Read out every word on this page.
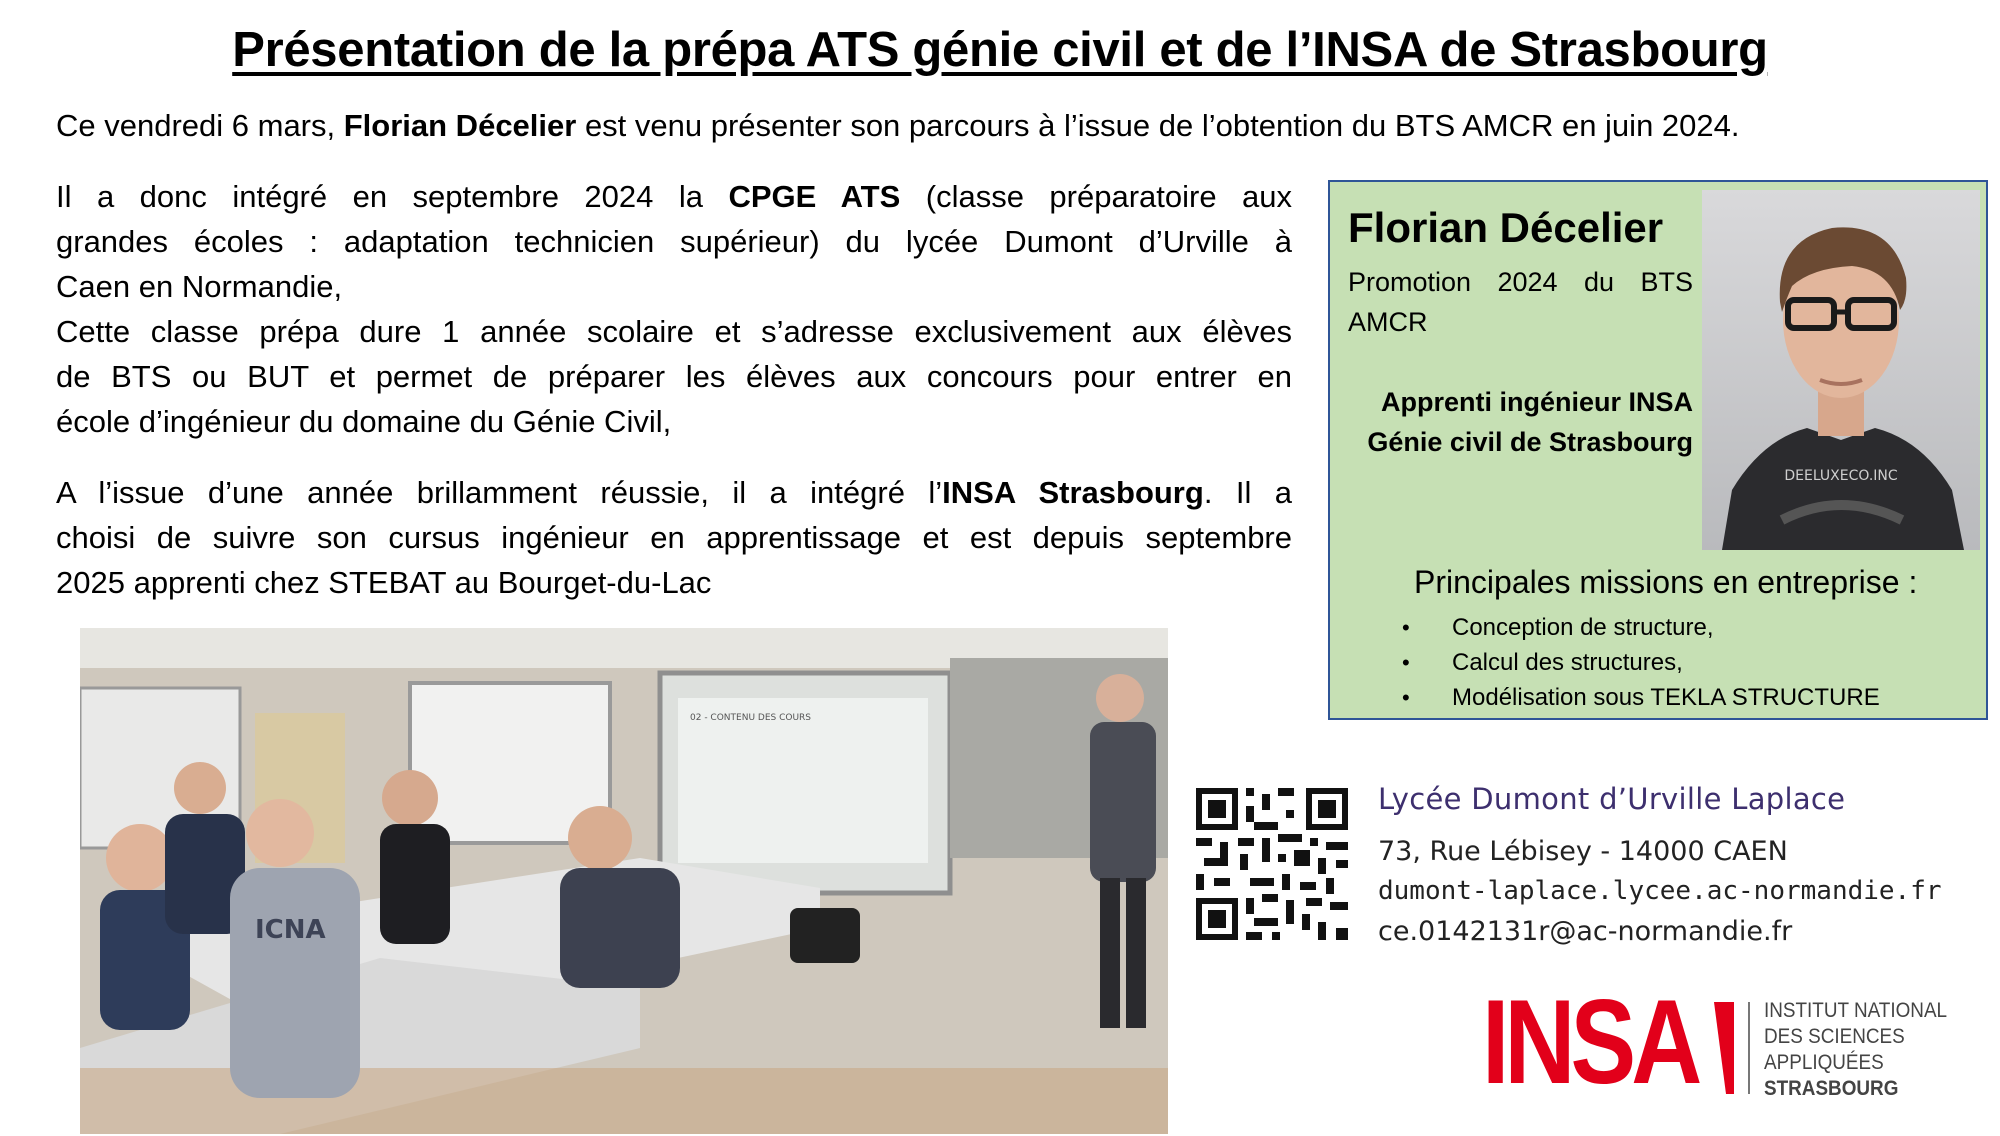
Présentation de la prépa ATS génie civil et de l’INSA de Strasbourg
Ce vendredi 6 mars, Florian Décelier est venu présenter son parcours à l’issue de l’obtention du BTS AMCR en juin 2024.
Il a donc intégré en septembre 2024 la CPGE ATS (classe préparatoire aux
grandes écoles : adaptation technicien supérieur) du lycée Dumont d’Urville à
Caen en Normandie,
Cette classe prépa dure 1 année scolaire et s’adresse exclusivement aux élèves
de BTS ou BUT et permet de préparer les élèves aux concours pour entrer en
école d’ingénieur du domaine du Génie Civil,
A l’issue d’une année brillamment réussie, il a intégré l’INSA Strasbourg. Il a
choisi de suivre son cursus ingénieur en apprentissage et est depuis septembre
2025 apprenti chez STEBAT au Bourget-du-Lac
Florian Décelier
Promotion 2024 du BTS
AMCR
Apprenti ingénieur INSA
Génie civil de Strasbourg
DEELUXECO.INC
Principales missions en entreprise :
• Conception de structure,
• Calcul des structures,
• Modélisation sous TEKLA STRUCTURE
02 - CONTENU DES COURS
ICNA
Lycée Dumont d’Urville Laplace
73, Rue Lébisey - 14000 CAEN
dumont-laplace.lycee.ac-normandie.fr
ce.0142131r@ac-normandie.fr
INSA	INSTITUT NATIONAL
DES SCIENCES
APPLIQUÉES
STRASBOURG
